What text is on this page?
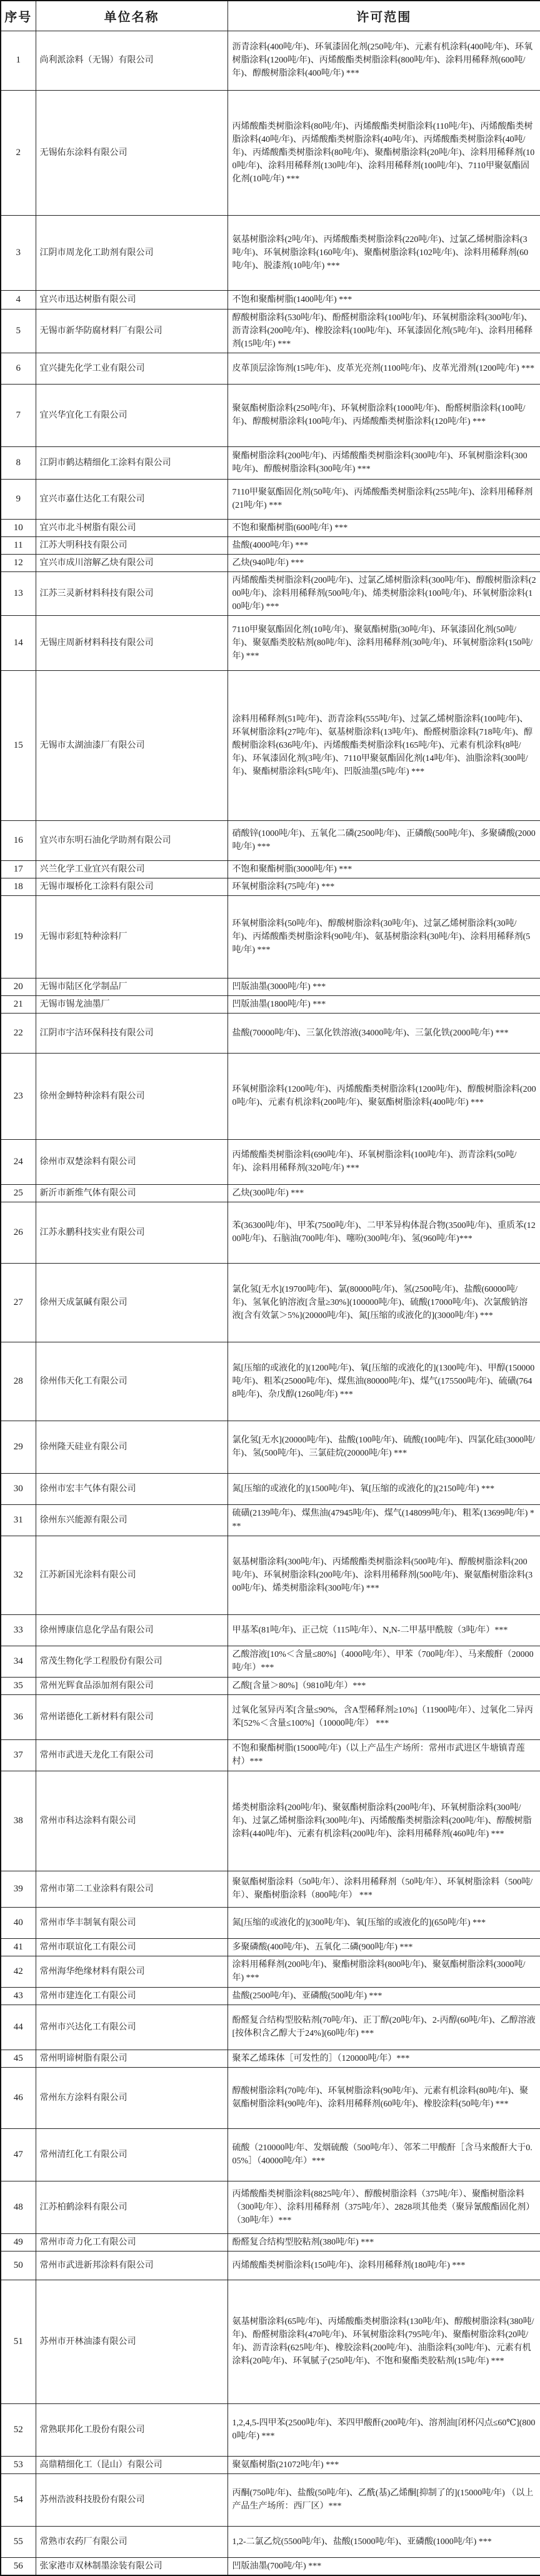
序号	单位名称	许可范围
1	尚利派涂料（无锡）有限公司	沥青涂料(400吨/年)、环氧漆固化剂(250吨/年)、元素有机涂料(400吨/年)、环氧树脂涂料(1200吨/年)、丙烯酸酯类树脂涂料(800吨/年)、涂料用稀释剂(600吨/年)、醇酸树脂涂料(400吨/年) ***
2	无锡佑东涂料有限公司	丙烯酸酯类树脂涂料(80吨/年)、丙烯酸酯类树脂涂料(110吨/年)、丙烯酸酯类树脂涂料(40吨/年)、丙烯酸酯类树脂涂料(40吨/年)、丙烯酸酯类树脂涂料(40吨/年)、丙烯酸酯类树脂涂料(80吨/年)、聚酯树脂涂料(20吨/年)、涂料用稀释剂(100吨/年)、涂料用稀释剂(130吨/年)、涂料用稀释剂(100吨/年)、7110甲聚氨酯固化剂(10吨/年) ***
3	江阴市周龙化工助剂有限公司	氨基树脂涂料(2吨/年)、丙烯酸酯类树脂涂料(220吨/年)、过氯乙烯树脂涂料(3吨/年)、环氧树脂涂料(160吨/年)、聚酯树脂涂料(102吨/年)、涂料用稀释剂(60吨/年)、脱漆剂(10吨/年) ***
4	宜兴市迅达树脂有限公司	不饱和聚酯树脂(1400吨/年) ***
5	无锡市新华防腐材料厂有限公司	醇酸树脂涂料(530吨/年)、酚醛树脂涂料(100吨/年)、环氧树脂涂料(300吨/年)、沥青涂料(200吨/年)、橡胶涂料(100吨/年)、环氧漆固化剂(5吨/年)、涂料用稀释剂(15吨/年) ***
6	宜兴捷先化学工业有限公司	皮革顶层涂饰剂(15吨/年)、皮革光亮剂(1100吨/年)、皮革光滑剂(1200吨/年) ***
7	宜兴华宜化工有限公司	聚氨酯树脂涂料(250吨/年)、环氧树脂涂料(1000吨/年)、酚醛树脂涂料(100吨/年)、醇酸树脂涂料(100吨/年)、丙烯酸酯类树脂涂料(120吨/年) ***
8	江阴市鹤达精细化工涂料有限公司	聚酯树脂涂料(200吨/年)、丙烯酸酯类树脂涂料(300吨/年)、环氧树脂涂料(300吨/年)、醇酸树脂涂料(300吨/年) ***
9	宜兴市嘉仕达化工有限公司	7110甲聚氨酯固化剂(50吨/年)、丙烯酸酯类树脂涂料(255吨/年)、涂料用稀释剂(21吨/年) ***
10	宜兴市北斗树脂有限公司	不饱和聚酯树脂(600吨/年) ***
11	江苏大明科技有限公司	盐酸(4000吨/年) ***
12	宜兴市成川溶解乙炔有限公司	乙炔(940吨/年) ***
13	江苏三灵新材料科技有限公司	丙烯酸酯类树脂涂料(200吨/年)、过氯乙烯树脂涂料(300吨/年)、醇酸树脂涂料(200吨/年)、涂料用稀释剂(500吨/年)、烯类树脂涂料(100吨/年)、环氧树脂涂料(100吨/年) ***
14	无锡庄周新材料科技有限公司	7110甲聚氨酯固化剂(10吨/年)、聚氨酯树脂(30吨/年)、环氧漆固化剂(50吨/年)、聚氨酯类胶粘剂(80吨/年)、涂料用稀释剂(30吨/年)、环氧树脂涂料(150吨/年) ***
15	无锡市太湖油漆厂有限公司	涂料用稀释剂(51吨/年)、沥青涂料(555吨/年)、过氯乙烯树脂涂料(100吨/年)、环氧树脂涂料(27吨/年)、氨基树脂涂料(13吨/年)、酚醛树脂涂料(718吨/年)、醇酸树脂涂料(636吨/年)、丙烯酸酯类树脂涂料(165吨/年)、元素有机涂料(8吨/年)、环氧漆固化剂(3吨/年)、7110甲聚氨酯固化剂(14吨/年)、油脂涂料(300吨/年)、聚酯树脂涂料(5吨/年)、凹版油墨(5吨/年) ***
16	宜兴市东明石油化学助剂有限公司	硝酸锌(1000吨/年)、五氧化二磷(2500吨/年)、正磷酸(500吨/年)、多聚磷酸(2000吨/年) ***
17	兴兰化学工业宜兴有限公司	不饱和聚酯树脂(3000吨/年) ***
18	无锡市堰桥化工涂料有限公司	环氧树脂涂料(75吨/年) ***
19	无锡市彩虹特种涂料厂	环氧树脂涂料(50吨/年)、醇酸树脂涂料(30吨/年)、过氯乙烯树脂涂料(30吨/年)、丙烯酸酯类树脂涂料(90吨/年)、氨基树脂涂料(30吨/年)、涂料用稀释剂(5吨/年) ***
20	无锡市陆区化学制品厂	凹版油墨(3000吨/年) ***
21	无锡市锡龙油墨厂	凹版油墨(1800吨/年) ***
22	江阴市宇洁环保科技有限公司	盐酸(70000吨/年)、三氯化铁溶液(34000吨/年)、三氯化铁(2000吨/年) ***
23	徐州金蝉特种涂料有限公司	环氧树脂涂料(1200吨/年)、丙烯酸酯类树脂涂料(1200吨/年)、醇酸树脂涂料(2000吨/年)、元素有机涂料(200吨/年)、聚氨酯树脂涂料(400吨/年) ***
24	徐州市双楚涂料有限公司	丙烯酸酯类树脂涂料(690吨/年)、环氧树脂涂料(100吨/年)、沥青涂料(50吨/年)、涂料用稀释剂(320吨/年) ***
25	新沂市新维气体有限公司	乙炔(300吨/年) ***
26	江苏永鹏科技实业有限公司	苯(36300吨/年)、甲苯(7500吨/年)、二甲苯异构体混合物(3500吨/年)、重质苯(1200吨/年)、石脑油(700吨/年)、噻吩(300吨/年)、氢(960吨/年)***
27	徐州天成氯碱有限公司	氯化氢[无水](19700吨/年)、氯(80000吨/年)、氢(2500吨/年)、盐酸(60000吨/年)、氢氧化钠溶液[含量≥30%](100000吨/年)、硫酸(17000吨/年)、次氯酸钠溶液[含有效氯＞5%](20000吨/年)、氮[压缩的或液化的](3000吨/年) ***
28	徐州伟天化工有限公司	氮[压缩的或液化的](1200吨/年)、氧[压缩的或液化的](1300吨/年)、甲醇(150000吨/年)、粗苯(25000吨/年)、煤焦油(80000吨/年)、煤气(175500吨/年)、硫磺(7648吨/年)、杂戊醇(1260吨/年) ***
29	徐州隆天硅业有限公司	氯化氢[无水](20000吨/年)、盐酸(100吨/年)、硫酸(100吨/年)、四氯化硅(3000吨/年)、氢(500吨/年)、三氯硅烷(20000吨/年) ***
30	徐州市宏丰气体有限公司	氮[压缩的或液化的](1500吨/年)、氧[压缩的或液化的](2150吨/年) ***
31	徐州东兴能源有限公司	硫磺(2139吨/年)、煤焦油(47945吨/年)、煤气(148099吨/年)、粗苯(13699吨/年) ***
32	江苏新国光涂料有限公司	氨基树脂涂料(300吨/年)、丙烯酸酯类树脂涂料(500吨/年)、醇酸树脂涂料(200吨/年)、环氧树脂涂料(200吨/年)、涂料用稀释剂(500吨/年)、聚氨酯树脂涂料(300吨/年)、烯类树脂涂料(300吨/年) ***
33	徐州博康信息化学品有限公司	甲基苯(81吨/年)、正己烷（115吨/年）、N,N-二甲基甲酰胺（3吨/年）***
34	常茂生物化学工程股份有限公司	乙酸溶液[10%＜含量≤80%]（4000吨/年）、甲苯（700吨/年）、马来酸酐（20000吨/年）***
35	常州光辉食品添加剂有限公司	乙酸[含量＞80%]（9810吨/年）***
36	常州诺德化工新材料有限公司	过氧化氢异丙苯[含量≤90%，含A型稀释剂≥10%]（11900吨/年）、过氧化二异丙苯[52%＜含量≤100%]（10000吨/年） ***
37	常州市武进天龙化工有限公司	不饱和聚酯树脂(15000吨/年)（以上产品生产场所：常州市武进区牛塘镇青莲村）***
38	常州市科达涂料有限公司	烯类树脂涂料(200吨/年)、聚氨酯树脂涂料(200吨/年)、环氧树脂涂料(300吨/年)、过氯乙烯树脂涂料(300吨/年)、丙烯酸酯类树脂涂料(200吨/年)、醇酸树脂涂料(440吨/年)、元素有机涂料(200吨/年)、涂料用稀释剂(460吨/年) ***
39	常州市第二工业涂料有限公司	聚氨酯树脂涂料（50吨/年）、涂料用稀释剂（50吨/年）、环氧树脂涂料（500吨/年）、聚酯树脂涂料（800吨/年） ***
40	常州市华丰制氧有限公司	氮[压缩的或液化的](300吨/年)、氧[压缩的或液化的](650吨/年) ***
41	常州市联谊化工有限公司	多聚磷酸(400吨/年)、五氧化二磷(900吨/年) ***
42	常州海华绝缘材料有限公司	涂料用稀释剂(200吨/年)、聚酯树脂涂料(800吨/年)、聚氨酯树脂涂料(3000吨/年) ***
43	常州市建连化工有限公司	盐酸(2500吨/年)、亚磷酸(500吨/年) ***
44	常州市兴达化工有限公司	酚醛复合结构型胶粘剂(70吨/年)、正丁醇(20吨/年)、2-丙醇(60吨/年)、乙醇溶液[按体积含乙醇大于24%](60吨/年) ***
45	常州明谛树脂有限公司	聚苯乙烯珠体［可发性的］（120000吨/年）***
46	常州东方涂料有限公司	醇酸树脂涂料(70吨/年)、环氧树脂涂料(90吨/年)、元素有机涂料(80吨/年)、聚氨酯树脂涂料(90吨/年)、涂料用稀释剂(60吨/年)、橡胶涂料(50吨/年) ***
47	常州清红化工有限公司	硫酸（210000吨/年、发烟硫酸（500吨/年）、邻苯二甲酸酐［含马来酸酐大于0.05%］（40000吨/年）***
48	江苏柏鹤涂料有限公司	丙烯酸酯类树脂涂料(8825吨/年）、醇酸树脂涂料（375吨/年）、聚酯树脂涂料（300吨/年）、涂料用稀释剂（375吨/年）、2828项其他类（聚异氰酸酯固化剂）（30吨/年）***
49	常州市奇力化工有限公司	酚醛复合结构型胶粘剂(380吨/年) ***
50	常州市武进新邦涂料有限公司	丙烯酸酯类树脂涂料(150吨/年)、涂料用稀释剂(180吨/年) ***
51	苏州市开林油漆有限公司	氨基树脂涂料(65吨/年)、丙烯酸酯类树脂涂料(130吨/年)、醇酸树脂涂料(380吨/年)、酚醛树脂涂料(470吨/年)、环氧树脂涂料(795吨/年)、聚酯树脂涂料(20吨/年)、沥青涂料(625吨/年)、橡胶涂料(200吨/年)、油脂涂料(30吨/年)、元素有机涂料(20吨/年)、环氧腻子(250吨/年)、不饱和聚酯类胶粘剂(15吨/年) ***
52	常熟联邦化工股份有限公司	1,2,4,5-四甲苯(2500吨/年)、苯四甲酸酐(200吨/年)、溶剂油[闭杯闪点≤60℃](8000吨/年) ***
53	高鼎精细化工（昆山）有限公司	聚氨酯树脂(21072吨/年) ***
54	苏州浩波科技股份有限公司	丙酮(750吨/年)、盐酸(50吨/年)、乙酰(基)乙烯酮[抑制了的](15000吨/年) （以上产品生产场所：西厂区）***
55	常熟市农药厂有限公司	1,2-二氯乙烷(5500吨/年)、盐酸(15000吨/年)、亚磷酸(1000吨/年) ***
56	张家港市双林制墨涂装有限公司	凹版油墨(700吨/年) ***
